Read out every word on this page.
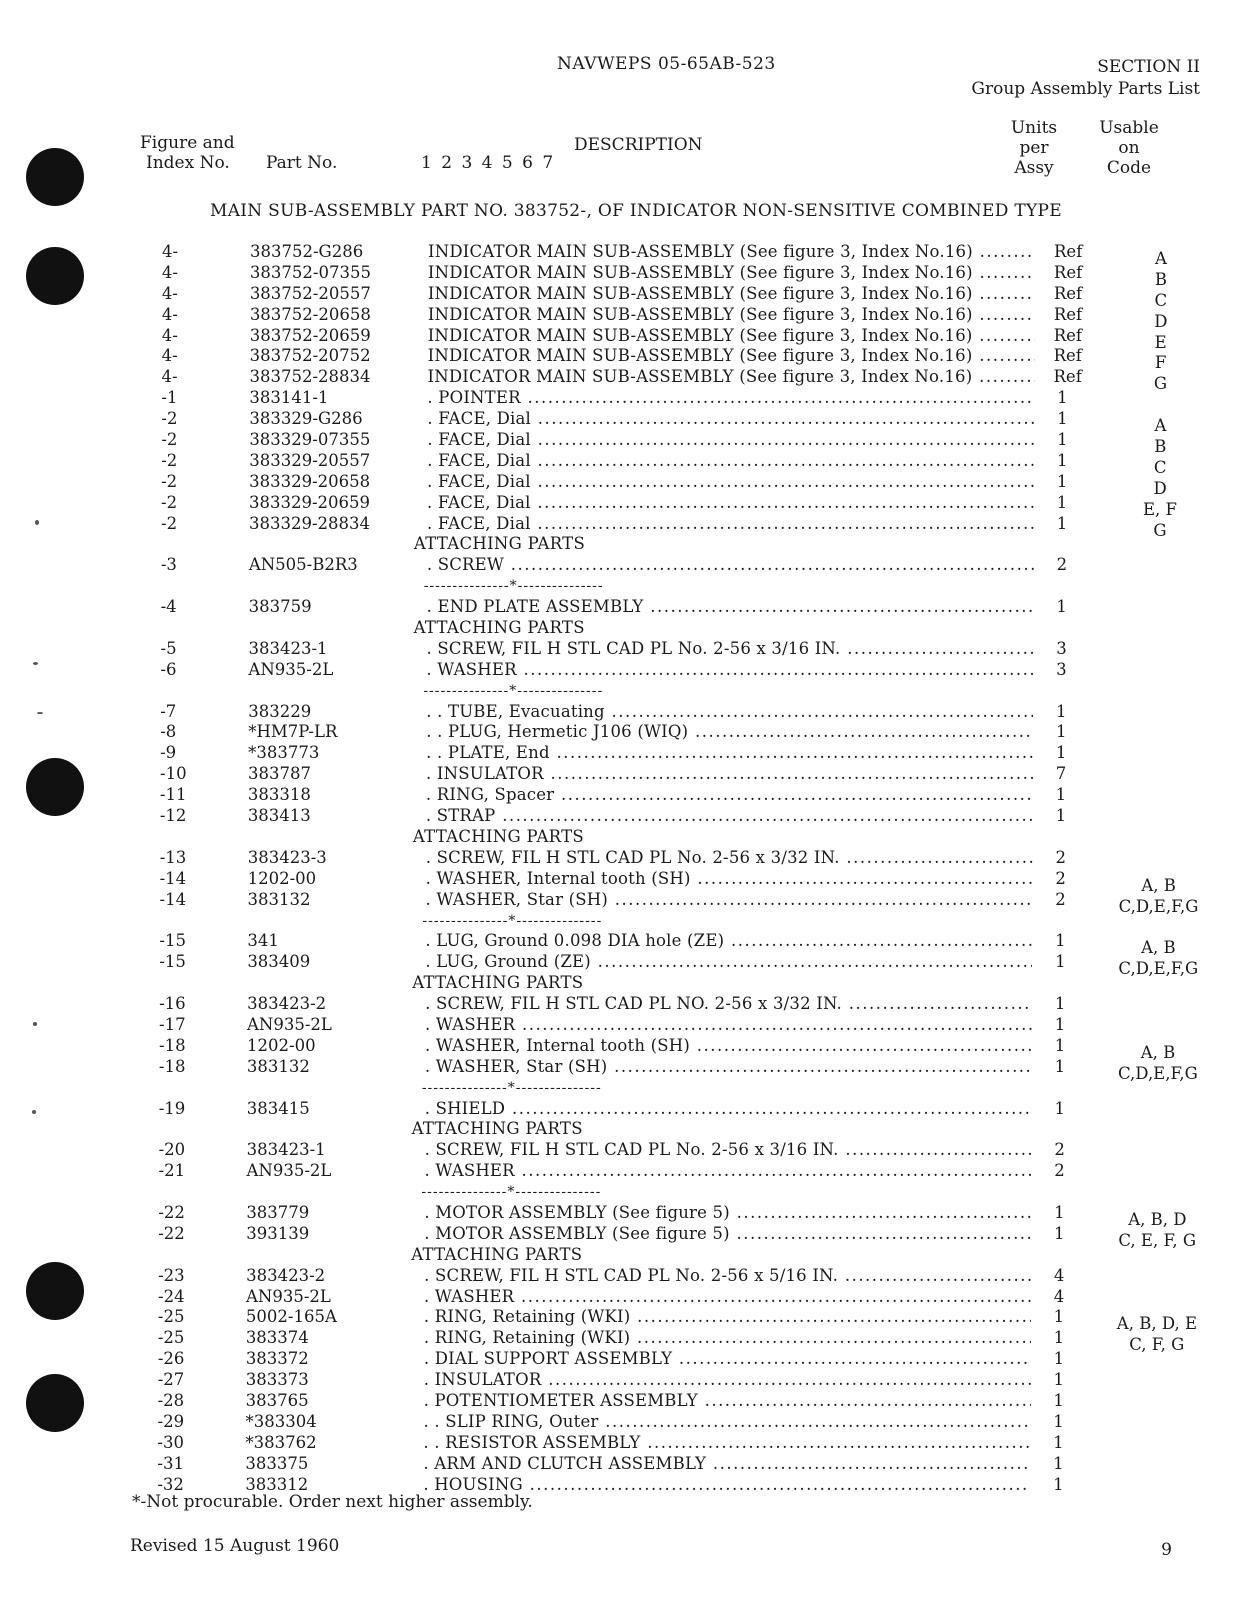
NAVWEPS 05-65AB-523	SECTION II
Group Assembly Parts List
Figure and
Index No. Part No.	1 2 3 4 5 6 7
DESCRIPTION
Units
per
Assy
Usable
on
Code
MAIN SUB-ASSEMBLY PART NO. 383752-, OF INDICATOR NON-SENSITIVE COMBINED TYPE
4-	383752-G286	INDICATOR MAIN SUB-ASSEMBLY (See figure 3, Index No.16) .....	Ref	A
4-	383752-07355	INDICATOR MAIN SUB-ASSEMBLY (See figure 3, Index No.16) .....	Ref	B
4-	383752-20557	INDICATOR MAIN SUB-ASSEMBLY (See figure 3, Index No.16) .....	Ref	C
4-	383752-20658	INDICATOR MAIN SUB-ASSEMBLY (See figure 3, Index No.16) .....	Ref	D
4-	383752-20659	INDICATOR MAIN SUB-ASSEMBLY (See figure 3, Index No.16) .....	Ref	E
4-	383752-20752	INDICATOR MAIN SUB-ASSEMBLY (See figure 3, Index No.16) .....	Ref	F
4-	383752-28834	INDICATOR MAIN SUB-ASSEMBLY (See figure 3, Index No.16) .....	Ref	G
-1	383141-1	. POINTER .....	1
-2	383329-G286	. FACE, Dial .....	1	A
-2	383329-07355	. FACE, Dial .....	1	B
-2	383329-20557	. FACE, Dial .....	1	C
-2	383329-20658	. FACE, Dial .....	1	D
-2	383329-20659	. FACE, Dial .....	1	E, F
-2	383329-28834	. FACE, Dial .....	1	G
ATTACHING PARTS
-3	AN505-B2R3	. SCREW .....	2
---------------*---------------
-4	383759	. END PLATE ASSEMBLY .....	1
ATTACHING PARTS
-5	383423-1	. SCREW, FIL H STL CAD PL No. 2-56 x 3/16 IN. .....	3
-6	AN935-2L	. WASHER .....	3
---------------*---------------
-7	383229	. . TUBE, Evacuating .....	1
-8	*HM7P-LR	. . PLUG, Hermetic J106 (WIQ) .....	1
-9	*383773	. . PLATE, End .....	1
-10	383787	. INSULATOR .....	7
-11	383318	. RING, Spacer .....	1
-12	383413	. STRAP .....	1
ATTACHING PARTS
-13	383423-3	. SCREW, FIL H STL CAD PL No. 2-56 x 3/32 IN. .....	2
-14	1202-00	. WASHER, Internal tooth (SH) .....	2	A, B
-14	383132	. WASHER, Star (SH) .....	2	C,D,E,F,G
---------------*---------------
-15	341	. LUG, Ground 0.098 DIA hole (ZE) .....	1	A, B
-15	383409	. LUG, Ground (ZE) .....	1	C,D,E,F,G
ATTACHING PARTS
-16	383423-2	. SCREW, FIL H STL CAD PL NO. 2-56 x 3/32 IN. .....	1
-17	AN935-2L	. WASHER .....	1
-18	1202-00	. WASHER, Internal tooth (SH) .....	1	A, B
-18	383132	. WASHER, Star (SH) .....	1	C,D,E,F,G
---------------*---------------
-19	383415	. SHIELD .....	1
ATTACHING PARTS
-20	383423-1	. SCREW, FIL H STL CAD PL No. 2-56 x 3/16 IN. .....	2
-21	AN935-2L	. WASHER .....	2
---------------*---------------
-22	383779	. MOTOR ASSEMBLY (See figure 5) .....	1	A, B, D
-22	393139	. MOTOR ASSEMBLY (See figure 5) .....	1	C, E, F, G
ATTACHING PARTS
-23	383423-2	. SCREW, FIL H STL CAD PL No. 2-56 x 5/16 IN. .....	4
-24	AN935-2L	. WASHER .....	4
-25	5002-165A	. RING, Retaining (WKI) .....	1	A, B, D, E
-25	383374	. RING, Retaining (WKI) .....	1	C, F, G
-26	383372	. DIAL SUPPORT ASSEMBLY .....	1
-27	383373	. INSULATOR .....	1
-28	383765	. POTENTIOMETER ASSEMBLY .....	1
-29	*383304	. . SLIP RING, Outer .....	1
-30	*383762	. . RESISTOR ASSEMBLY .....	1
-31	383375	. ARM AND CLUTCH ASSEMBLY .....	1
-32	383312	. HOUSING .....	1
*-Not procurable. Order next higher assembly.
Revised 15 August 1960	9
